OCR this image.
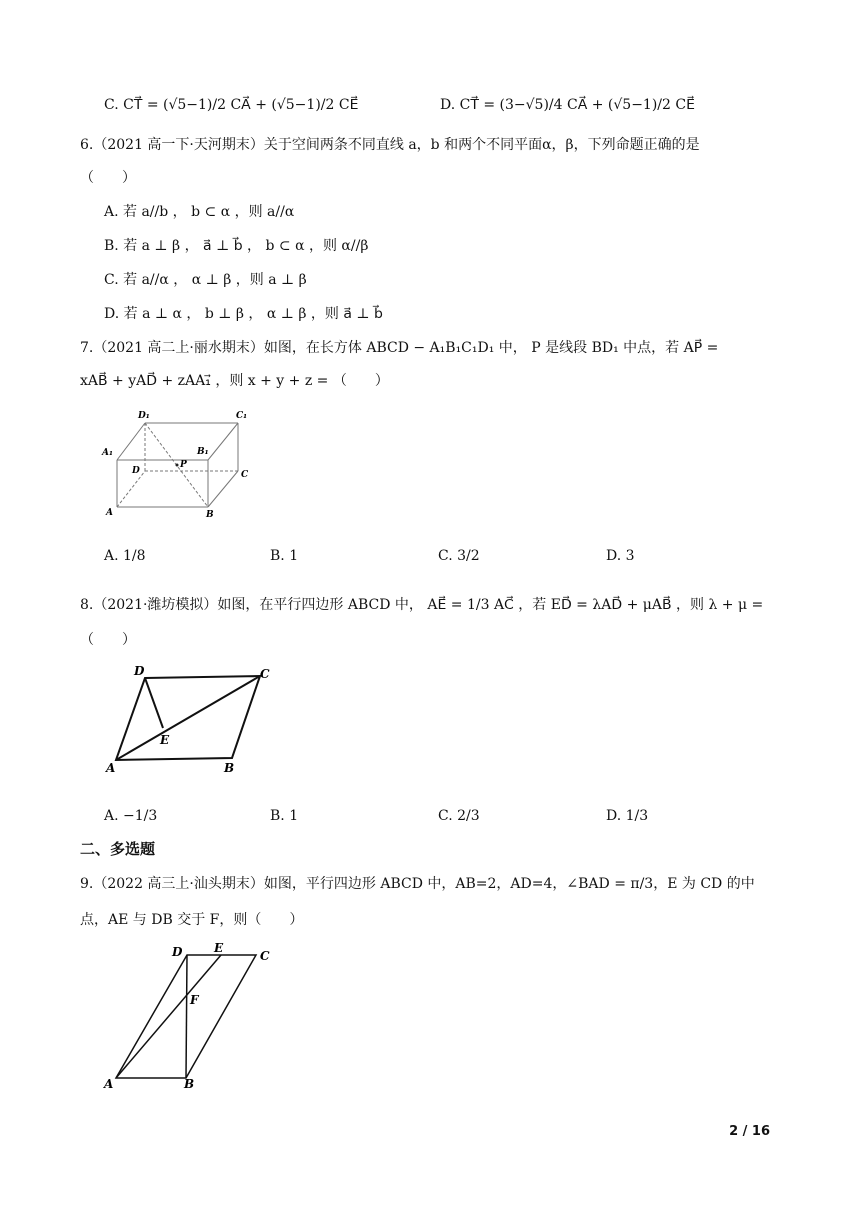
C. CT⃗ = (√5−1)/2 CA⃗ + (√5−1)/2 CE⃗	D. CT⃗ = (3−√5)/4 CA⃗ + (√5−1)/2 CE⃗
6.（2021 高一下·天河期末）关于空间两条不同直线 a，b 和两个不同平面α，β，下列命题正确的是
（　　）
A. 若 a//b ， b ⊂ α ，则 a//α
B. 若 a ⊥ β ， a⃗ ⊥ b⃗ ， b ⊂ α ，则 α//β
C. 若 a//α ， α ⊥ β ，则 a ⊥ β
D. 若 a ⊥ α ， b ⊥ β ， α ⊥ β ，则 a⃗ ⊥ b⃗
7.（2021 高二上·丽水期末）如图，在长方体 ABCD − A₁B₁C₁D₁ 中， P 是线段 BD₁ 中点，若 AP⃗ =
xAB⃗ + yAD⃗ + zAA₁⃗ ，则 x + y + z = （　　）
D₁	C₁
A₁	B₁
D
P
C
A	B
A. 1/8	B. 1	C. 3/2	D. 3
8.（2021·潍坊模拟）如图，在平行四边形 ABCD 中， AE⃗ = 1/3 AC⃗ ，若 ED⃗ = λAD⃗ + μAB⃗ ，则 λ + μ =
（　　）
D	C
E
A	B
A. −1/3	B. 1	C. 2/3	D. 1/3
二、多选题
9.（2022 高三上·汕头期末）如图，平行四边形 ABCD 中，AB=2，AD=4，∠BAD = π/3，E 为 CD 的中
点，AE 与 DB 交于 F，则（　　）
D	E
C
F
A	B
2 / 16
